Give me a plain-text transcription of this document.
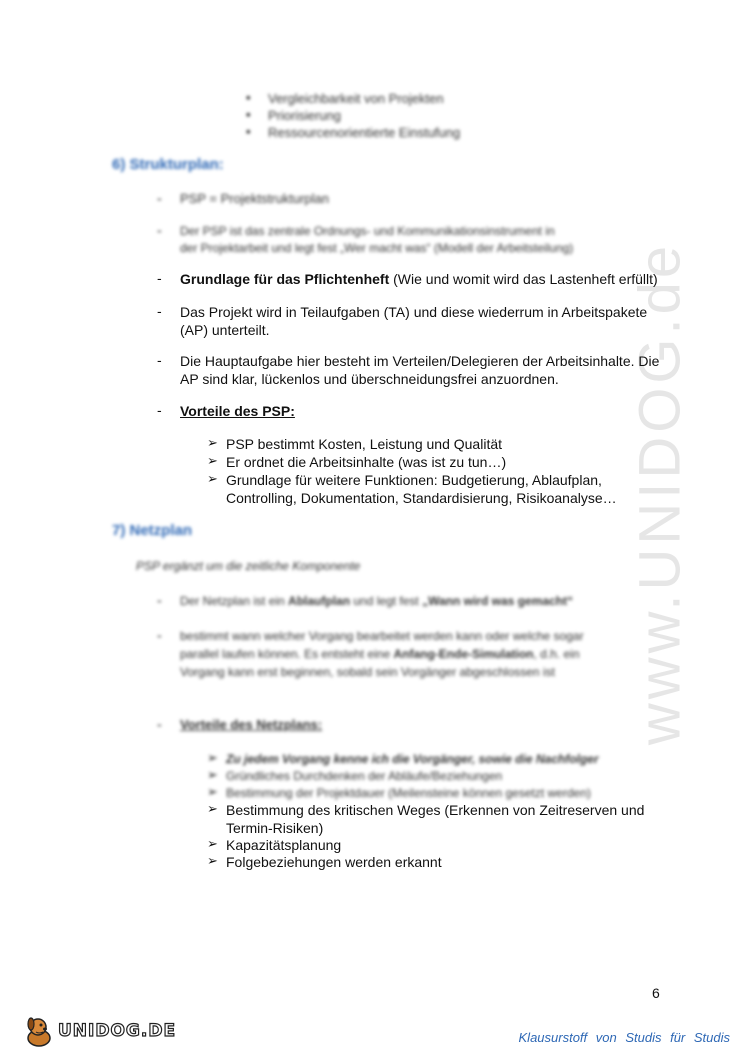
www.UNIDOG.de
• Vergleichbarkeit von Projekten
• Priorisierung
• Ressourcenorientierte Einstufung
6) Strukturplan:
- PSP = Projektstrukturplan
- Der PSP ist das zentrale Ordnungs- und Kommunikationsinstrument in
der Projektarbeit und legt fest „Wer macht was“ (Modell der Arbeitsteilung)
- Grundlage für das Pflichtenheft (Wie und womit wird das Lastenheft erfüllt)
- Das Projekt wird in Teilaufgaben (TA) und diese wiederrum in Arbeitspakete
(AP) unterteilt.
- Die Hauptaufgabe hier besteht im Verteilen/Delegieren der Arbeitsinhalte. Die
AP sind klar, lückenlos und überschneidungsfrei anzuordnen.
- Vorteile des PSP:
➢ PSP bestimmt Kosten, Leistung und Qualität
➢ Er ordnet die Arbeitsinhalte (was ist zu tun…)
➢ Grundlage für weitere Funktionen: Budgetierung, Ablaufplan,
Controlling, Dokumentation, Standardisierung, Risikoanalyse…
7) Netzplan
PSP ergänzt um die zeitliche Komponente
- Der Netzplan ist ein Ablaufplan und legt fest „Wann wird was gemacht“
- bestimmt wann welcher Vorgang bearbeitet werden kann oder welche sogar
parallel laufen können. Es entsteht eine Anfang-Ende-Simulation, d.h. ein
Vorgang kann erst beginnen, sobald sein Vorgänger abgeschlossen ist
- Vorteile des Netzplans:
➢ Zu jedem Vorgang kenne ich die Vorgänger, sowie die Nachfolger
➢ Gründliches Durchdenken der Abläufe/Beziehungen
➢ Bestimmung der Projektdauer (Meilensteine können gesetzt werden)
➢ Bestimmung des kritischen Weges (Erkennen von Zeitreserven und
Termin-Risiken)
➢ Kapazitätsplanung
➢ Folgebeziehungen werden erkannt
6
UNIDOG.DE	Klausurstoff von Studis für Studis
